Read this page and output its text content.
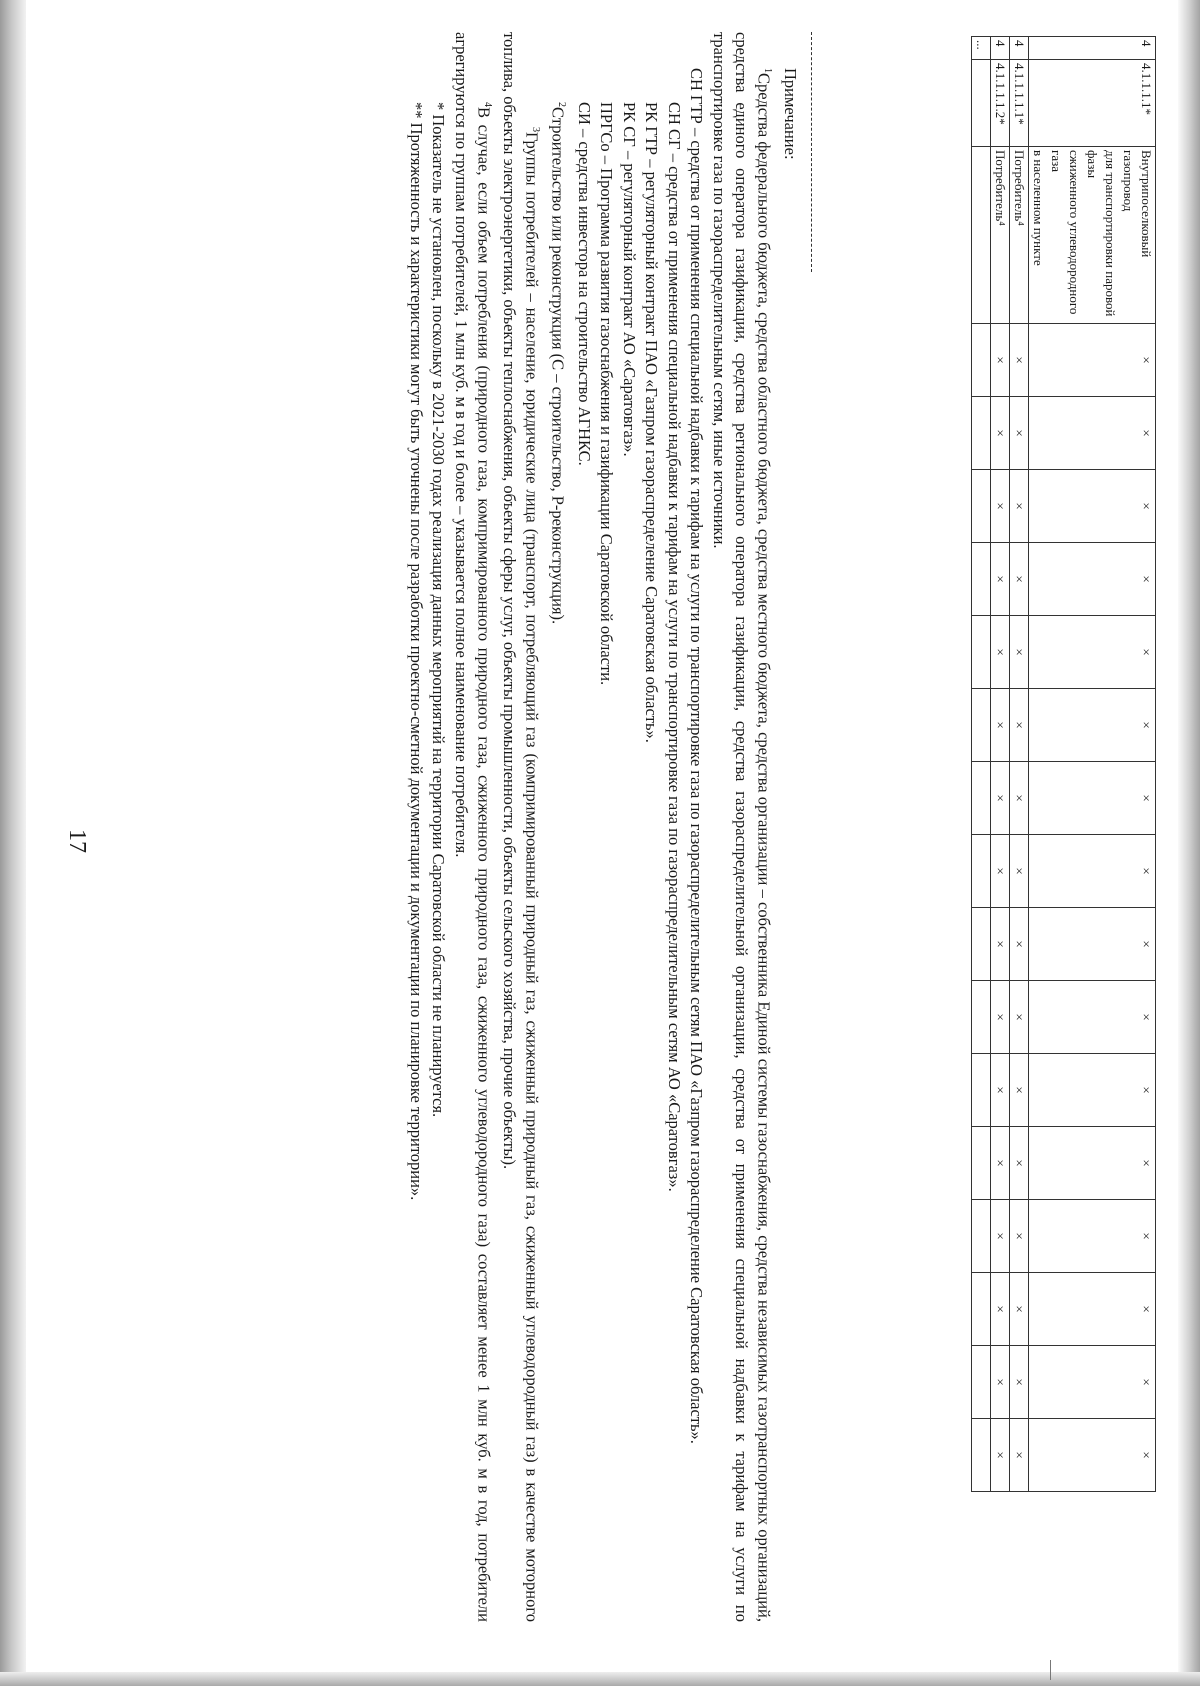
17
4	4.1.1.1.1*	Внутрипоселковый газопровод
для транспортировки паровой фазы
сжиженного углеводородного газа
в населенном пункте	×	×	×	×	×	×	×	×	×	×	×	×	×	×	×	×
4	4.1.1.1.1.1*	Потребитель⁴	×	×	×	×	×	×	×	×	×	×	×	×	×	×	×	×
4	4.1.1.1.1.2*	Потребитель⁴	×	×	×	×	×	×	×	×	×	×	×	×	×	×	×	×
...		

Примечание:

$^1$Средства федерального бюджета, средства областного бюджета, средства местного бюджета, средства организации – собственника Единой системы газоснабжения, средства независимых газотранспортных организаций, средства единого оператора газификации, средства регионального оператора газификации, средства газораспределительной организации, средства от применения специальной надбавки к тарифам на услуги по транспортировке газа по газораспределительным сетям, иные источники.

СН ГТР – средства от применения специальной надбавки к тарифам на услуги по транспортировке газа по газораспределительным сетям ПАО «Газпром газораспределение Саратовская область».

СН СГ – средства от применения специальной надбавки к тарифам на услуги по транспортировке газа по газораспределительным сетям АО «Саратовгаз».

РК ГТР – регуляторный контракт ПАО «Газпром газораспределение Саратовская область».

РК СГ – регуляторный контракт АО «Саратовгаз».

ПРГСо – Программа развития газоснабжения и газификации Саратовской области.

СИ – средства инвестора на строительство АГНКС.

$^2$Строительство или реконструкция (С – строительство, Р-реконструкция).

$^3$Группы потребителей – население, юридические лица (транспорт, потребляющий газ (компримированный природный газ, сжиженный природный газ, сжиженный углеводородный газ) в качестве моторного топлива, объекты электроэнергетики, объекты теплоснабжения, объекты сферы услуг, объекты промышленности, объекты сельского хозяйства, прочие объекты).

$^4$В случае, если объем потребления (природного газа, компримированного природного газа, сжиженного природного газа, сжиженного углеводородного газа) составляет менее 1 млн куб. м в год, потребители агрегируются по группам потребителей, 1 млн куб. м в год и более – указывается полное наименование потребителя.

* Показатель не установлен, поскольку в 2021-2030 годах реализация данных мероприятий на территории Саратовской области не планируется.

** Протяженность и характеристики могут быть уточнены после разработки проектно-сметной документации и документации по планировке территории».
